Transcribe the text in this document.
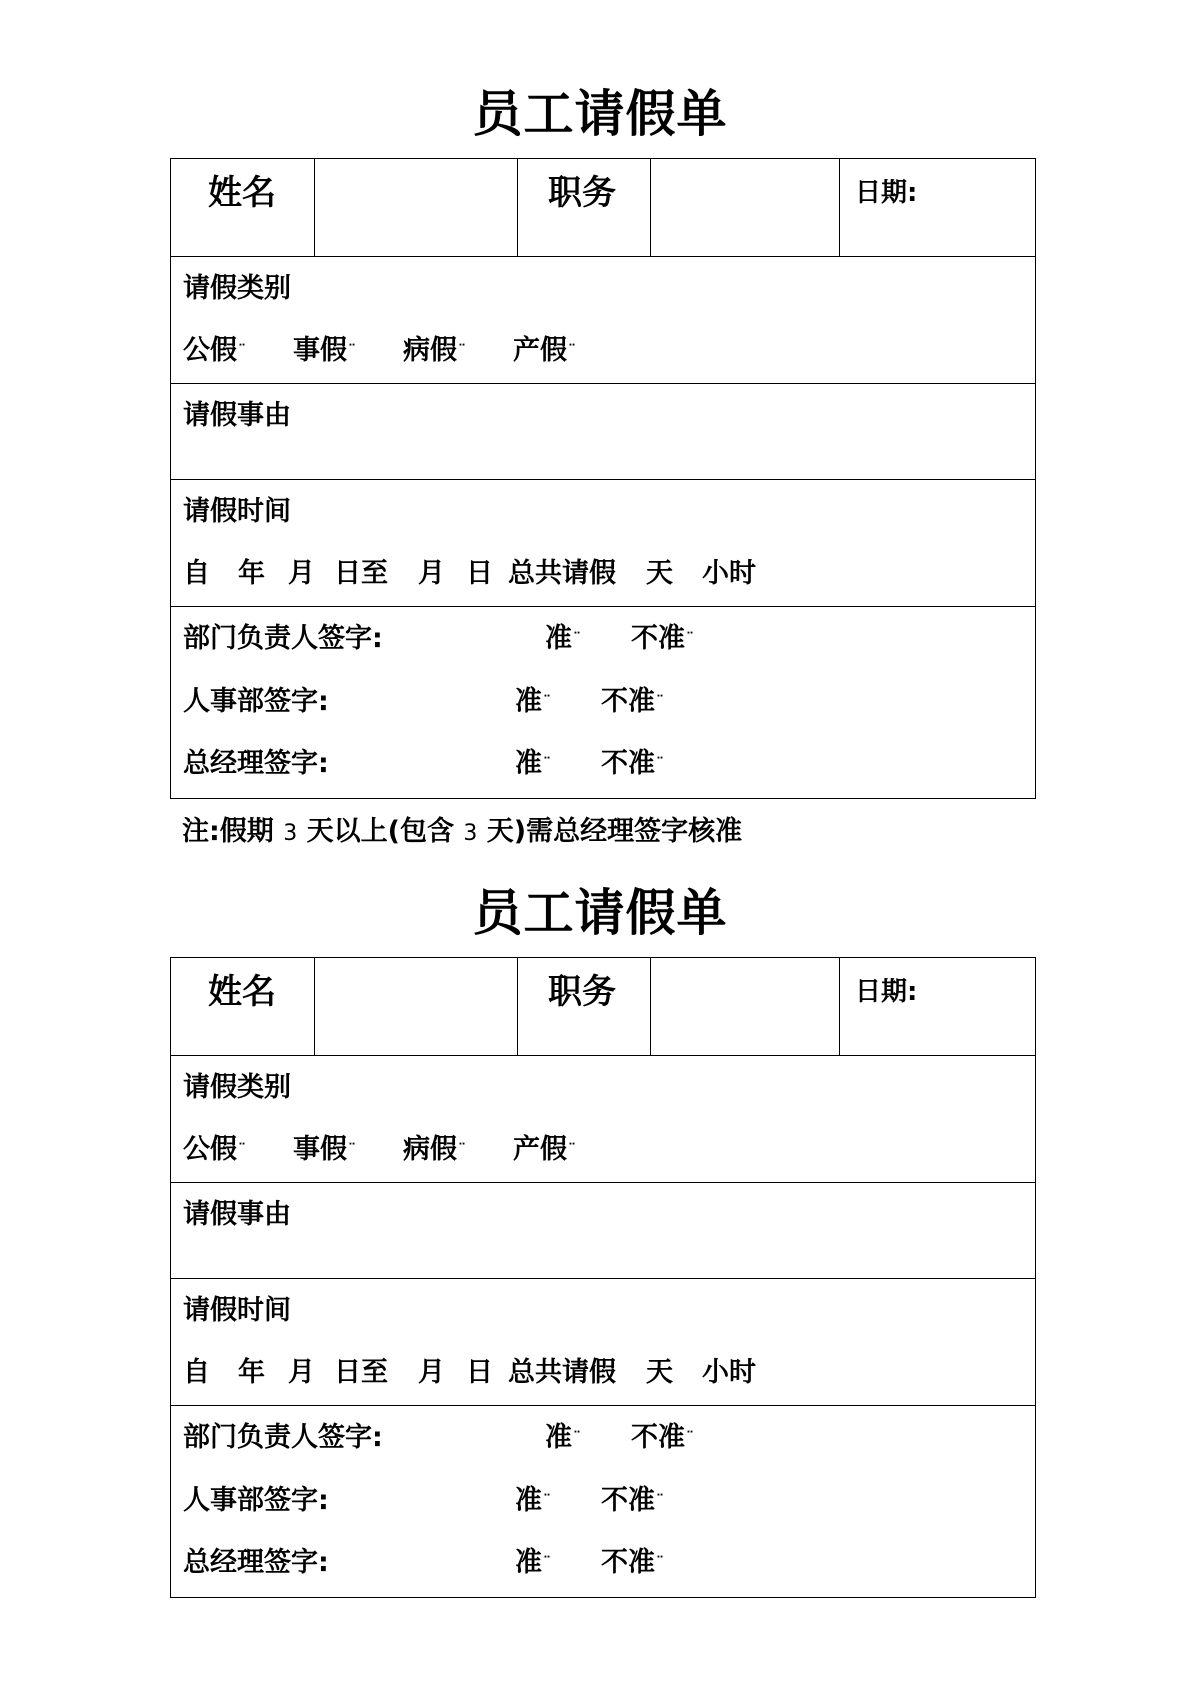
员工请假单
姓名	职务	日期:
请假类别
公假¨ 事假¨ 病假¨ 产假¨
请假事由
请假时间
自 年 月 日至 月 日 总共请假 天 小时
部门负责人签字:	准¨ 不准¨
人事部签字:	准¨ 不准¨
总经理签字:	准¨ 不准¨
注:假期 3 天以上(包含 3 天)需总经理签字核准
员工请假单
姓名	职务	日期:
请假类别
公假¨ 事假¨ 病假¨ 产假¨
请假事由
请假时间
自 年 月 日至 月 日 总共请假 天 小时
部门负责人签字:	准¨ 不准¨
人事部签字:	准¨ 不准¨
总经理签字:	准¨ 不准¨
